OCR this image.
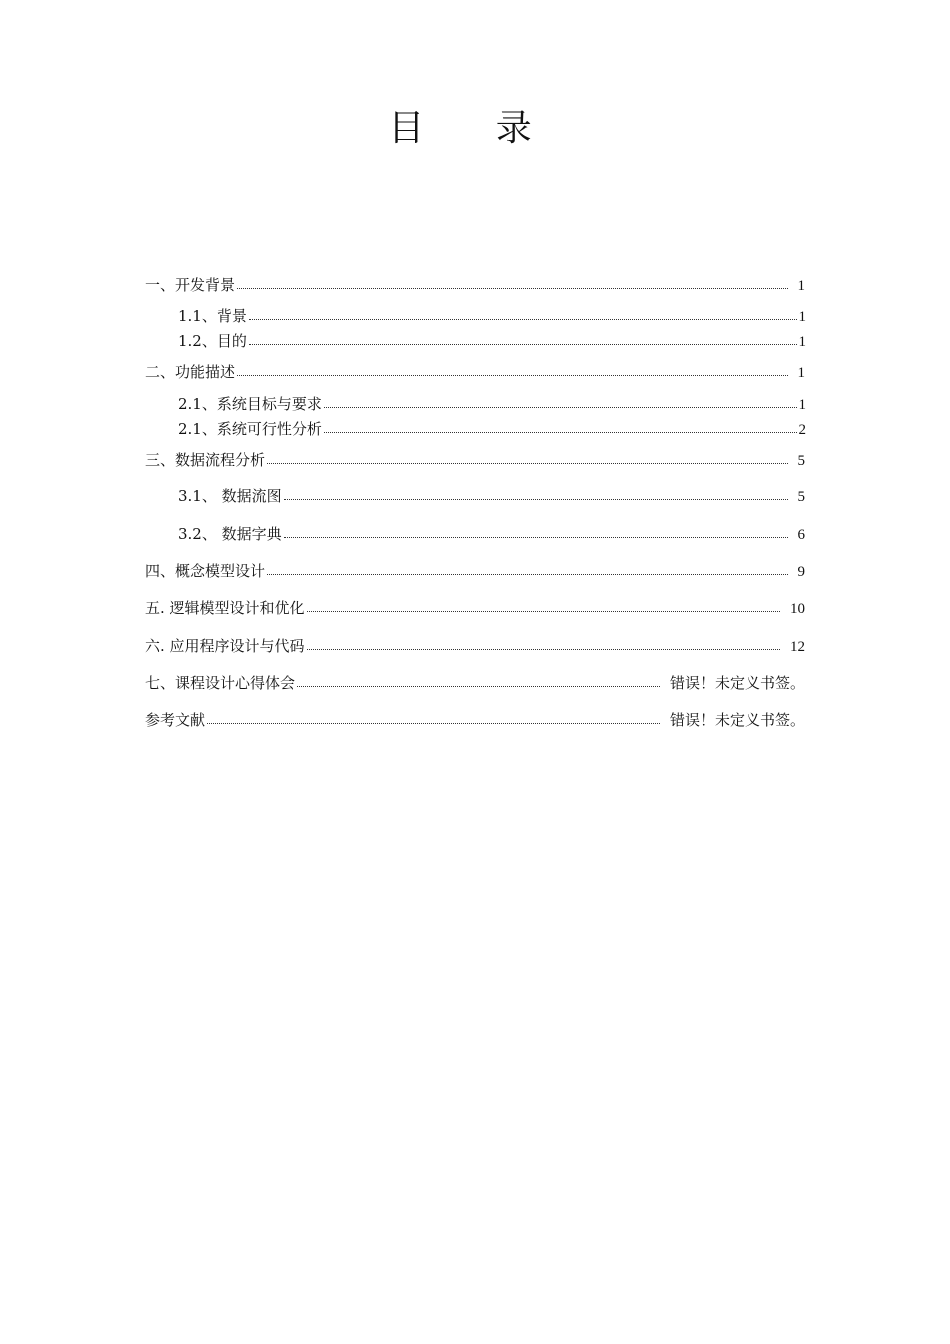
目 录
一、开发背景	1
1.1、背景	1
1.2、目的	1
二、功能描述	1
2.1、系统目标与要求	1
2.1、系统可行性分析	2
三、数据流程分析	5
3.1、 数据流图	5
3.2、 数据字典	6
四、概念模型设计	9
五. 逻辑模型设计和优化	10
六. 应用程序设计与代码	12
七、课程设计心得体会	错误！未定义书签。
参考文献	错误！未定义书签。
